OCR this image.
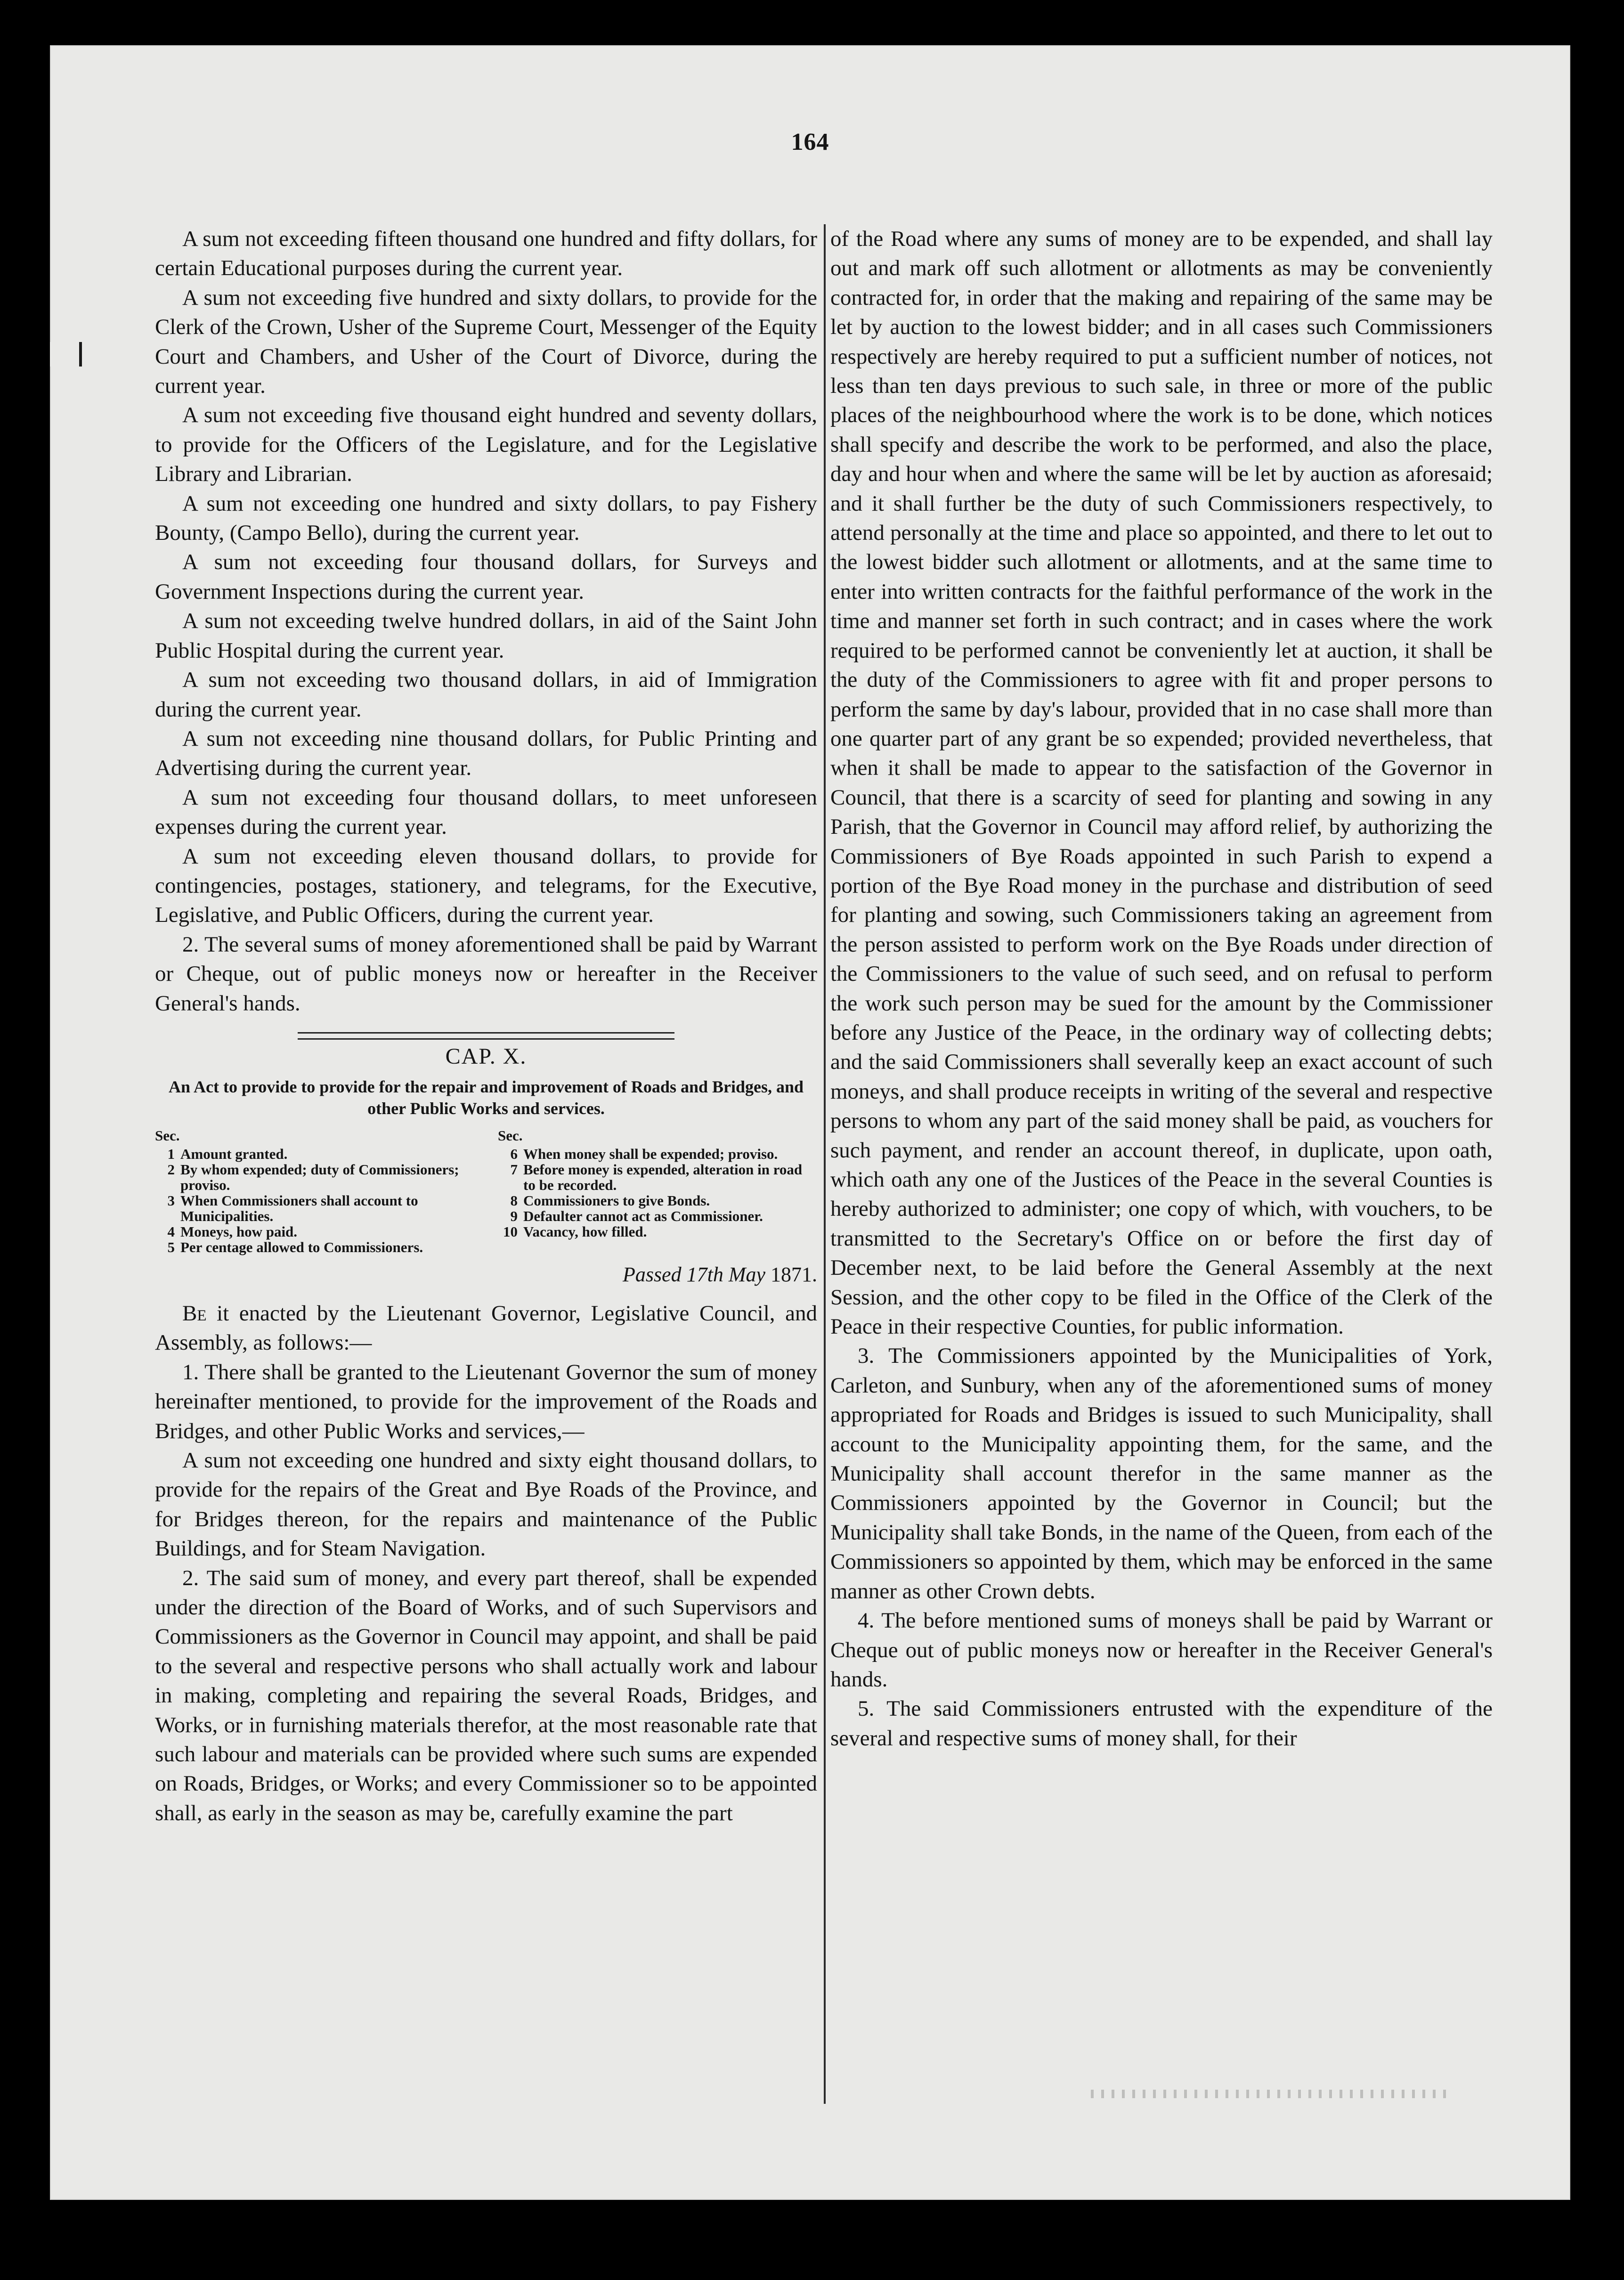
164

A sum not exceeding fifteen thousand one hundred and fifty dollars, for certain Educational purposes during the current year.

A sum not exceeding five hundred and sixty dollars, to provide for the Clerk of the Crown, Usher of the Supreme Court, Messenger of the Equity Court and Chambers, and Usher of the Court of Divorce, during the current year.

A sum not exceeding five thousand eight hundred and seventy dollars, to provide for the Officers of the Legislature, and for the Legislative Library and Librarian.

A sum not exceeding one hundred and sixty dollars, to pay Fishery Bounty, (Campo Bello), during the current year.

A sum not exceeding four thousand dollars, for Surveys and Government Inspections during the current year.

A sum not exceeding twelve hundred dollars, in aid of the Saint John Public Hospital during the current year.

A sum not exceeding two thousand dollars, in aid of Immigration during the current year.

A sum not exceeding nine thousand dollars, for Public Printing and Advertising during the current year.

A sum not exceeding four thousand dollars, to meet unforeseen expenses during the current year.

A sum not exceeding eleven thousand dollars, to provide for contingencies, postages, stationery, and telegrams, for the Executive, Legislative, and Public Officers, during the current year.

2. The several sums of money aforementioned shall be paid by Warrant or Cheque, out of public moneys now or hereafter in the Receiver General's hands.

CAP. X.
An Act to provide to provide for the repair and improvement of Roads and Bridges, and other Public Works and services.
Sec.
1 Amount granted.
2 By whom expended; duty of Commissioners; proviso.
3 When Commissioners shall account to Municipalities.
4 Moneys, how paid.
5 Per centage allowed to Commissioners.
Sec.
6 When money shall be expended; proviso.
7 Before money is expended, alteration in road to be recorded.
8 Commissioners to give Bonds.
9 Defaulter cannot act as Commissioner.
10 Vacancy, how filled.
Passed 17th May 1871.

Be it enacted by the Lieutenant Governor, Legislative Council, and Assembly, as follows:—

1. There shall be granted to the Lieutenant Governor the sum of money hereinafter mentioned, to provide for the improvement of the Roads and Bridges, and other Public Works and services,—

A sum not exceeding one hundred and sixty eight thousand dollars, to provide for the repairs of the Great and Bye Roads of the Province, and for Bridges thereon, for the repairs and maintenance of the Public Buildings, and for Steam Navigation.

2. The said sum of money, and every part thereof, shall be expended under the direction of the Board of Works, and of such Supervisors and Commissioners as the Governor in Council may appoint, and shall be paid to the several and respective persons who shall actually work and labour in making, completing and repairing the several Roads, Bridges, and Works, or in furnishing materials therefor, at the most reasonable rate that such labour and materials can be provided where such sums are expended on Roads, Bridges, or Works; and every Commissioner so to be appointed shall, as early in the season as may be, carefully examine the part

of the Road where any sums of money are to be expended, and shall lay out and mark off such allotment or allotments as may be conveniently contracted for, in order that the making and repairing of the same may be let by auction to the lowest bidder; and in all cases such Commissioners respectively are hereby required to put a sufficient number of notices, not less than ten days previous to such sale, in three or more of the public places of the neighbourhood where the work is to be done, which notices shall specify and describe the work to be performed, and also the place, day and hour when and where the same will be let by auction as aforesaid; and it shall further be the duty of such Commissioners respectively, to attend personally at the time and place so appointed, and there to let out to the lowest bidder such allotment or allotments, and at the same time to enter into written contracts for the faithful performance of the work in the time and manner set forth in such contract; and in cases where the work required to be performed cannot be conveniently let at auction, it shall be the duty of the Commissioners to agree with fit and proper persons to perform the same by day's labour, provided that in no case shall more than one quarter part of any grant be so expended; provided nevertheless, that when it shall be made to appear to the satisfaction of the Governor in Council, that there is a scarcity of seed for planting and sowing in any Parish, that the Governor in Council may afford relief, by authorizing the Commissioners of Bye Roads appointed in such Parish to expend a portion of the Bye Road money in the purchase and distribution of seed for planting and sowing, such Commissioners taking an agreement from the person assisted to perform work on the Bye Roads under direction of the Commissioners to the value of such seed, and on refusal to perform the work such person may be sued for the amount by the Commissioner before any Justice of the Peace, in the ordinary way of collecting debts; and the said Commissioners shall severally keep an exact account of such moneys, and shall produce receipts in writing of the several and respective persons to whom any part of the said money shall be paid, as vouchers for such payment, and render an account thereof, in duplicate, upon oath, which oath any one of the Justices of the Peace in the several Counties is hereby authorized to administer; one copy of which, with vouchers, to be transmitted to the Secretary's Office on or before the first day of December next, to be laid before the General Assembly at the next Session, and the other copy to be filed in the Office of the Clerk of the Peace in their respective Counties, for public information.

3. The Commissioners appointed by the Municipalities of York, Carleton, and Sunbury, when any of the aforementioned sums of money appropriated for Roads and Bridges is issued to such Municipality, shall account to the Municipality appointing them, for the same, and the Municipality shall account therefor in the same manner as the Commissioners appointed by the Governor in Council; but the Municipality shall take Bonds, in the name of the Queen, from each of the Commissioners so appointed by them, which may be enforced in the same manner as other Crown debts.

4. The before mentioned sums of moneys shall be paid by Warrant or Cheque out of public moneys now or hereafter in the Receiver General's hands.

5. The said Commissioners entrusted with the expenditure of the several and respective sums of money shall, for their
